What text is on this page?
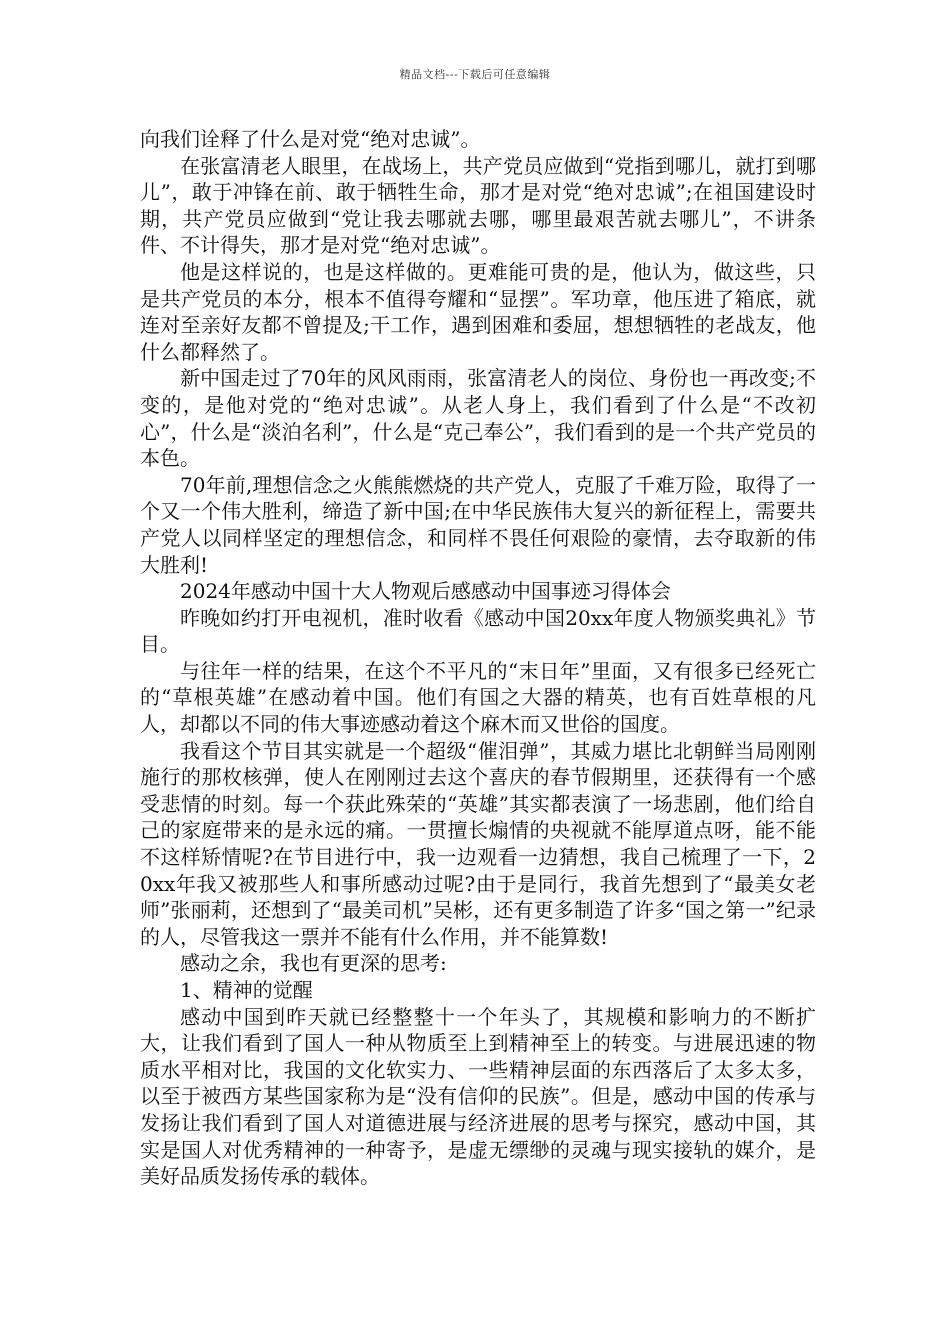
精品文档---下载后可任意编辑

向我们诠释了什么是对党“绝对忠诚”。

在张富清老人眼里，在战场上，共产党员应做到“党指到哪儿，就打到哪儿”，敢于冲锋在前、敢于牺牲生命，那才是对党“绝对忠诚”;在祖国建设时期，共产党员应做到“党让我去哪就去哪，哪里最艰苦就去哪儿”，不讲条件、不计得失，那才是对党“绝对忠诚”。

他是这样说的，也是这样做的。更难能可贵的是，他认为，做这些，只是共产党员的本分，根本不值得夸耀和“显摆”。军功章，他压进了箱底，就连对至亲好友都不曾提及;干工作，遇到困难和委屈，想想牺牲的老战友，他什么都释然了。

新中国走过了70年的风风雨雨，张富清老人的岗位、身份也一再改变;不变的，是他对党的“绝对忠诚”。从老人身上，我们看到了什么是“不改初心”，什么是“淡泊名利”，什么是“克己奉公”，我们看到的是一个共产党员的本色。

70年前,理想信念之火熊熊燃烧的共产党人，克服了千难万险，取得了一个又一个伟大胜利，缔造了新中国;在中华民族伟大复兴的新征程上，需要共产党人以同样坚定的理想信念，和同样不畏任何艰险的豪情，去夺取新的伟大胜利!

2024年感动中国十大人物观后感感动中国事迹习得体会

昨晚如约打开电视机，准时收看《感动中国20xx年度人物颁奖典礼》节目。

与往年一样的结果，在这个不平凡的“末日年”里面，又有很多已经死亡的“草根英雄”在感动着中国。他们有国之大器的精英，也有百姓草根的凡人，却都以不同的伟大事迹感动着这个麻木而又世俗的国度。

我看这个节目其实就是一个超级“催泪弹”，其威力堪比北朝鲜当局刚刚施行的那枚核弹，使人在刚刚过去这个喜庆的春节假期里，还获得有一个感受悲情的时刻。每一个获此殊荣的“英雄”其实都表演了一场悲剧，他们给自己的家庭带来的是永远的痛。一贯擅长煽情的央视就不能厚道点呀，能不能不这样矫情呢?在节目进行中，我一边观看一边猜想，我自己梳理了一下，20xx年我又被那些人和事所感动过呢?由于是同行，我首先想到了“最美女老师”张丽莉，还想到了“最美司机”吴彬，还有更多制造了许多“国之第一”纪录的人，尽管我这一票并不能有什么作用，并不能算数!

感动之余，我也有更深的思考:

1、精神的觉醒

感动中国到昨天就已经整整十一个年头了，其规模和影响力的不断扩大，让我们看到了国人一种从物质至上到精神至上的转变。与进展迅速的物质水平相对比，我国的文化软实力、一些精神层面的东西落后了太多太多，以至于被西方某些国家称为是“没有信仰的民族”。但是，感动中国的传承与发扬让我们看到了国人对道德进展与经济进展的思考与探究，感动中国，其实是国人对优秀精神的一种寄予，是虚无缥缈的灵魂与现实接轨的媒介，是美好品质发扬传承的载体。
